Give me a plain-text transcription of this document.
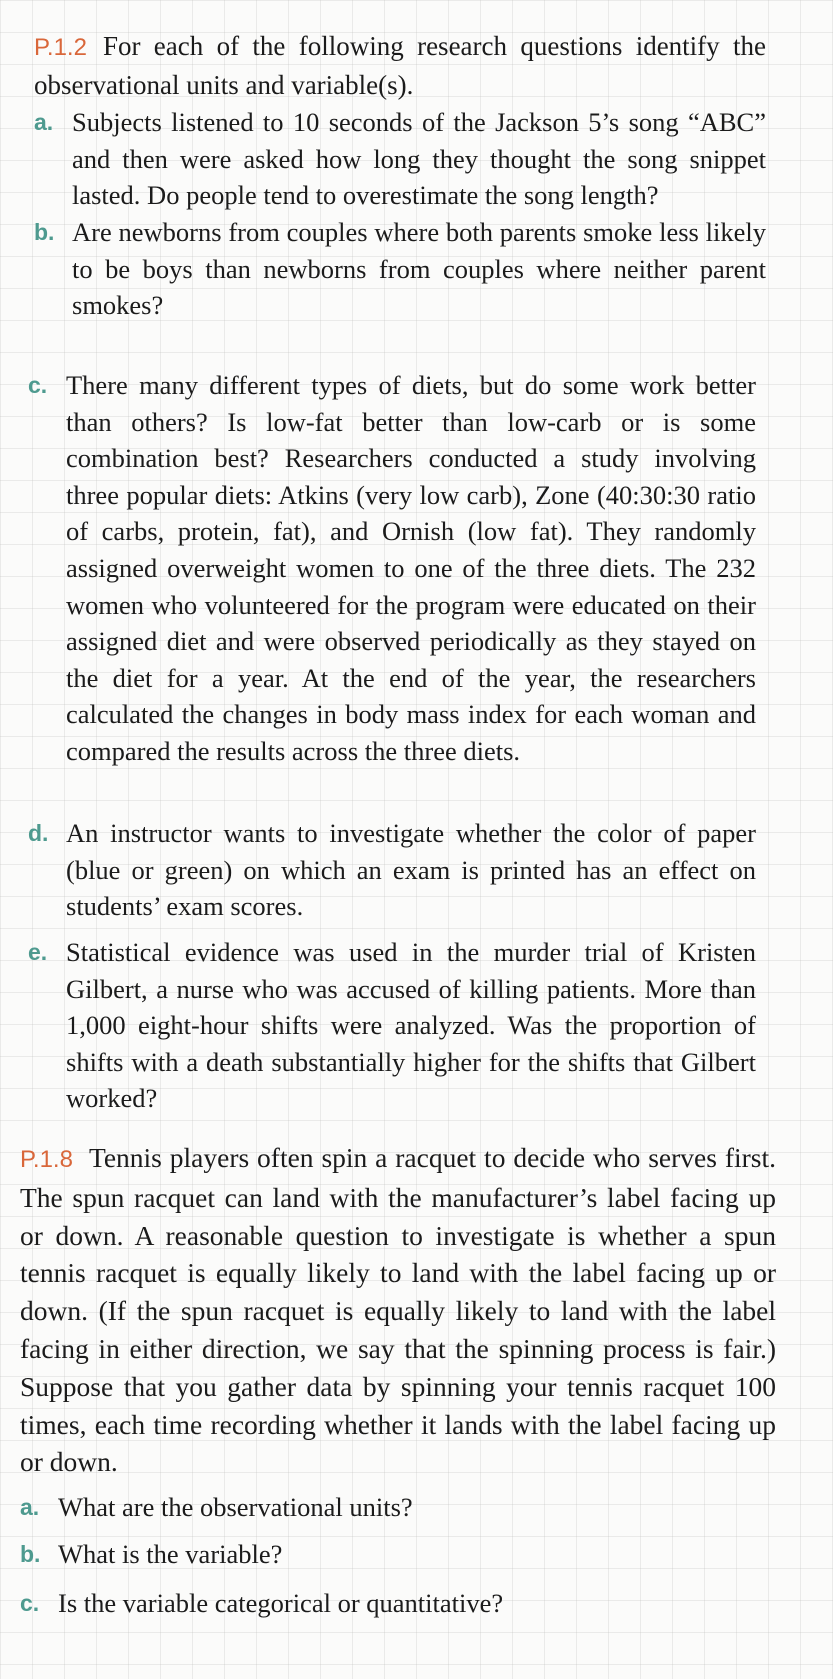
P.1.2 For each of the following research questions identify the observational units and variable(s).
a. Subjects listened to 10 seconds of the Jackson 5’s song “ABC” and then were asked how long they thought the song snippet lasted. Do people tend to overestimate the song length?
b. Are newborns from couples where both parents smoke less likely to be boys than newborns from couples where neither parent smokes?
c. There many different types of diets, but do some work better than others? Is low-fat better than low-carb or is some combination best? Researchers conducted a study involving three popular diets: Atkins (very low carb), Zone (40:30:30 ratio of carbs, protein, fat), and Ornish (low fat). They randomly assigned overweight women to one of the three diets. The 232 women who volunteered for the program were educated on their assigned diet and were observed periodically as they stayed on the diet for a year. At the end of the year, the researchers calculated the changes in body mass index for each woman and compared the results across the three diets.
d. An instructor wants to investigate whether the color of paper (blue or green) on which an exam is printed has an effect on students’ exam scores.
e. Statistical evidence was used in the murder trial of Kristen Gilbert, a nurse who was accused of killing patients. More than 1,000 eight-hour shifts were analyzed. Was the proportion of shifts with a death substantially higher for the shifts that Gilbert worked?
P.1.8 Tennis players often spin a racquet to decide who serves first. The spun racquet can land with the manufacturer’s label facing up or down. A reasonable question to investigate is whether a spun tennis racquet is equally likely to land with the label facing up or down. (If the spun racquet is equally likely to land with the label facing in either direction, we say that the spinning process is fair.) Suppose that you gather data by spinning your tennis racquet 100 times, each time recording whether it lands with the label facing up or down.
a. What are the observational units?
b. What is the variable?
c. Is the variable categorical or quantitative?
